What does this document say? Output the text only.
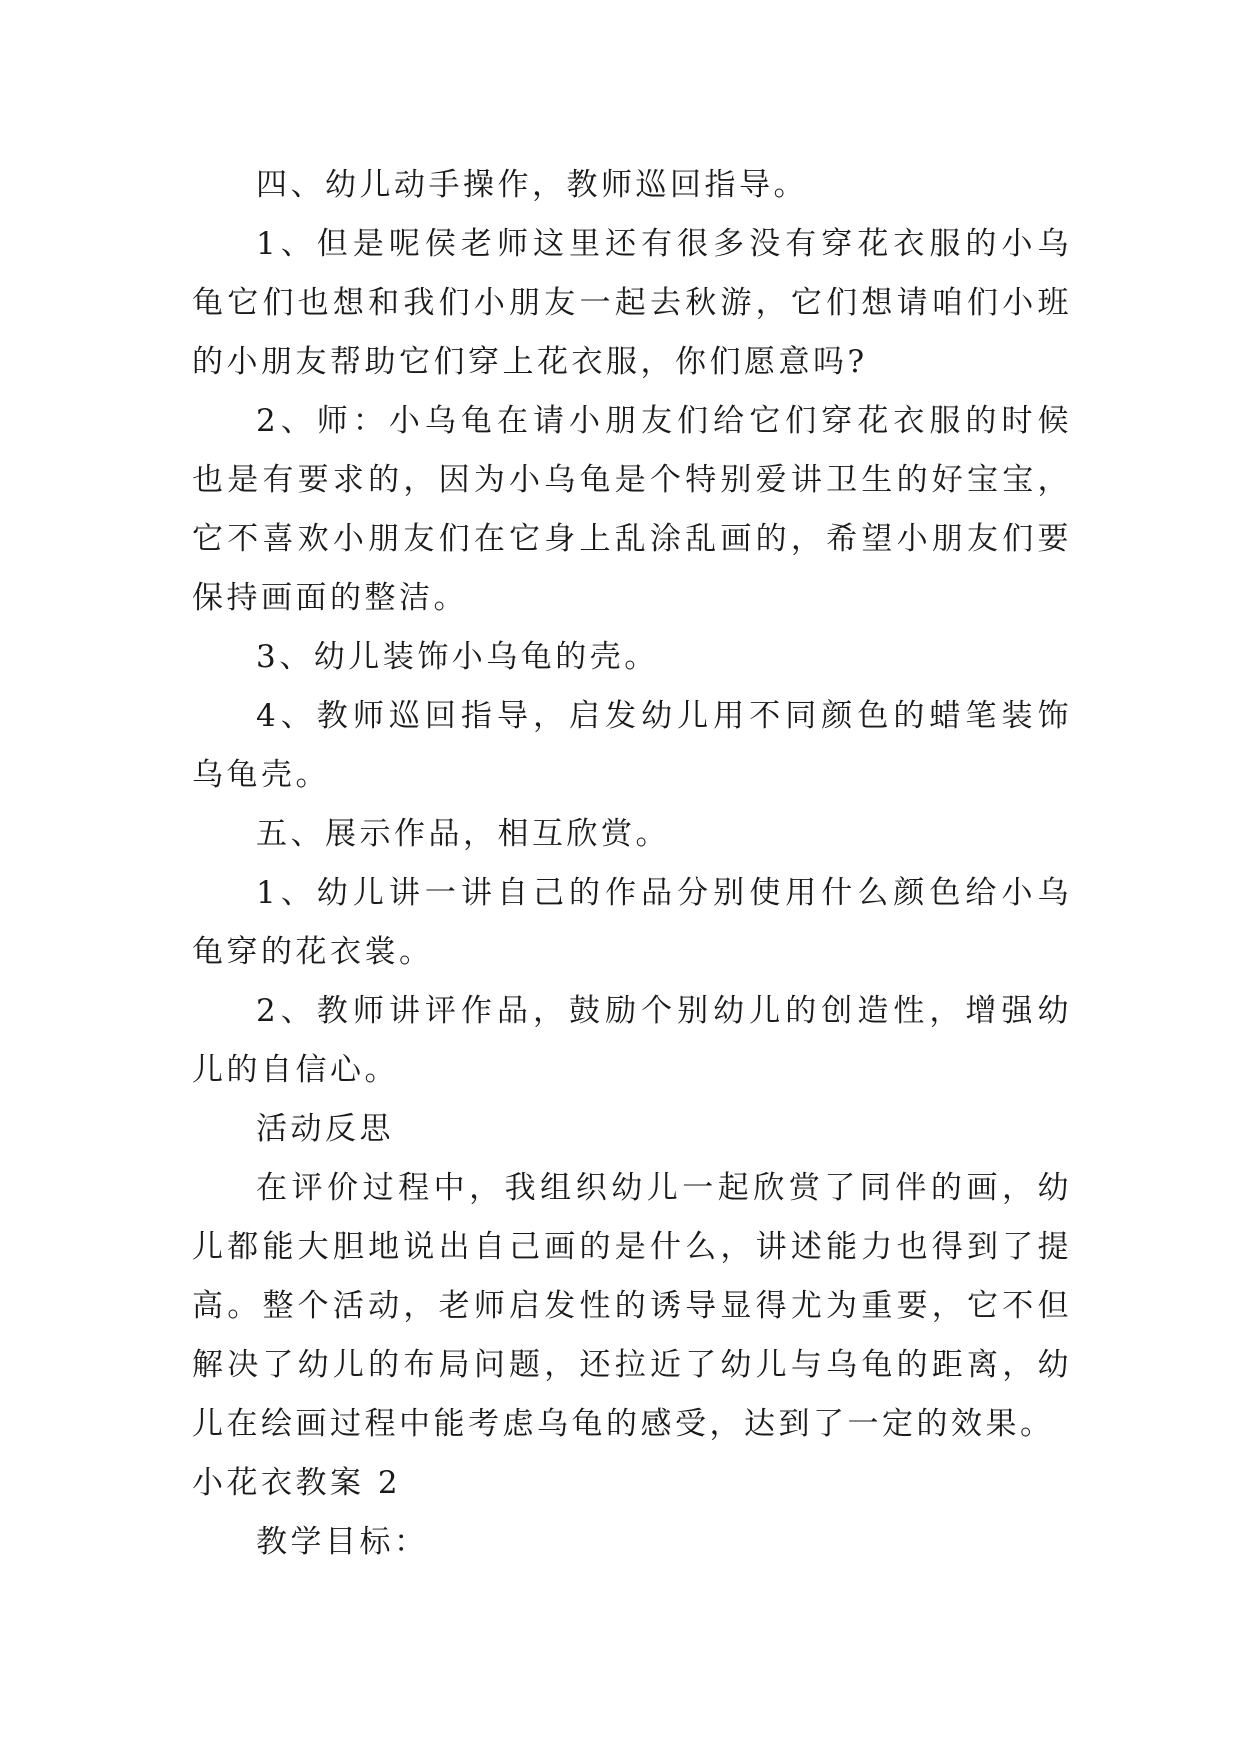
四、幼儿动手操作，教师巡回指导。

1、但是呢侯老师这里还有很多没有穿花衣服的小乌龟它们也想和我们小朋友一起去秋游，它们想请咱们小班的小朋友帮助它们穿上花衣服，你们愿意吗?

2、师：小乌龟在请小朋友们给它们穿花衣服的时候也是有要求的，因为小乌龟是个特别爱讲卫生的好宝宝，它不喜欢小朋友们在它身上乱涂乱画的，希望小朋友们要保持画面的整洁。

3、幼儿装饰小乌龟的壳。

4、教师巡回指导，启发幼儿用不同颜色的蜡笔装饰乌龟壳。

五、展示作品，相互欣赏。

1、幼儿讲一讲自己的作品分别使用什么颜色给小乌龟穿的花衣裳。

2、教师讲评作品，鼓励个别幼儿的创造性，增强幼儿的自信心。

活动反思

在评价过程中，我组织幼儿一起欣赏了同伴的画，幼儿都能大胆地说出自己画的是什么，讲述能力也得到了提高。整个活动，老师启发性的诱导显得尤为重要，它不但解决了幼儿的布局问题，还拉近了幼儿与乌龟的距离，幼儿在绘画过程中能考虑乌龟的感受，达到了一定的效果。

小花衣教案 2

教学目标：
